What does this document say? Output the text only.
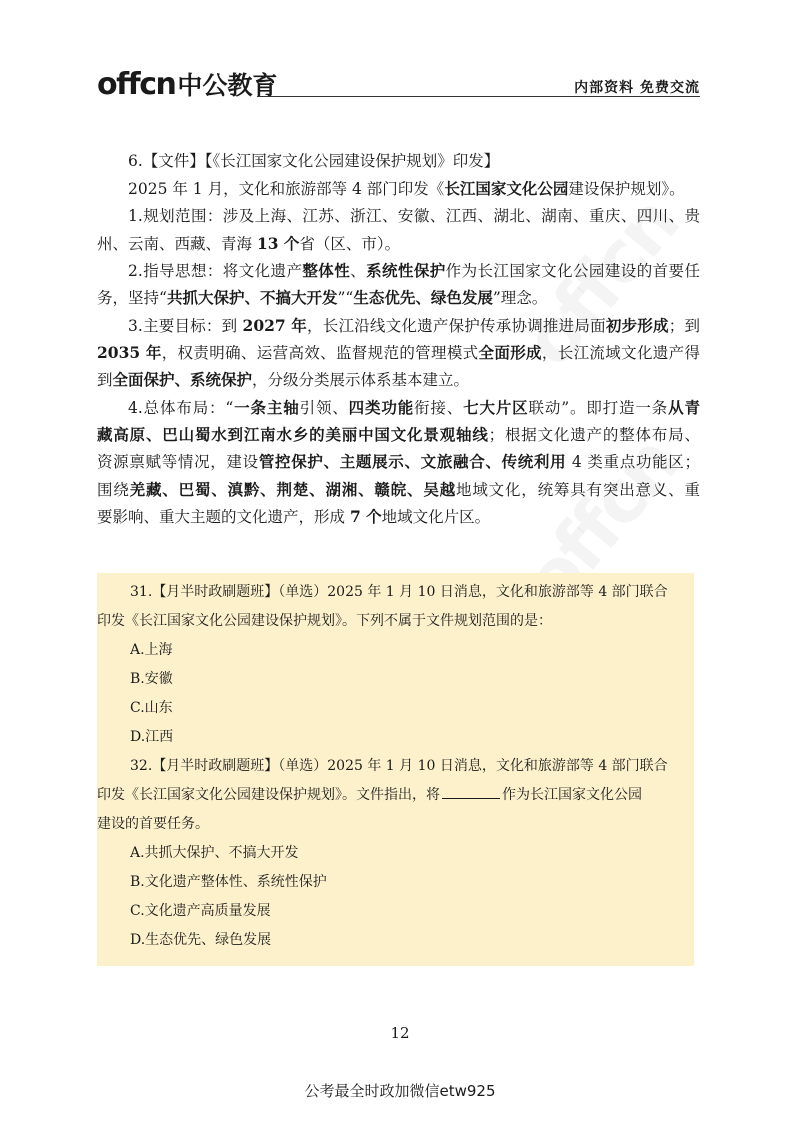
offcn 中公教育	内部资料 免费交流
6.【文件】【《长江国家文化公园建设保护规划》印发】
2025 年 1 月，文化和旅游部等 4 部门印发《长江国家文化公园建设保护规划》。
1.规划范围：涉及上海、江苏、浙江、安徽、江西、湖北、湖南、重庆、四川、贵
州、云南、西藏、青海 13 个省（区、市）。
2.指导思想：将文化遗产整体性、系统性保护作为长江国家文化公园建设的首要任
务，坚持“共抓大保护、不搞大开发”“生态优先、绿色发展”理念。
3.主要目标：到 2027 年，长江沿线文化遗产保护传承协调推进局面初步形成；到
2035 年，权责明确、运营高效、监督规范的管理模式全面形成，长江流域文化遗产得
到全面保护、系统保护，分级分类展示体系基本建立。
4.总体布局：“一条主轴引领、四类功能衔接、七大片区联动”。即打造一条从青
藏高原、巴山蜀水到江南水乡的美丽中国文化景观轴线；根据文化遗产的整体布局、
资源禀赋等情况，建设管控保护、主题展示、文旅融合、传统利用 4 类重点功能区；
围绕羌藏、巴蜀、滇黔、荆楚、湖湘、赣皖、吴越地域文化，统筹具有突出意义、重
要影响、重大主题的文化遗产，形成 7 个地域文化片区。
31.【月半时政刷题班】（单选）2025 年 1 月 10 日消息，文化和旅游部等 4 部门联合
印发《长江国家文化公园建设保护规划》。下列不属于文件规划范围的是：
A.上海
B.安徽
C.山东
D.江西
32.【月半时政刷题班】（单选）2025 年 1 月 10 日消息，文化和旅游部等 4 部门联合
印发《长江国家文化公园建设保护规划》。文件指出，将	作为长江国家文化公园
建设的首要任务。
A.共抓大保护、不搞大开发
B.文化遗产整体性、系统性保护
C.文化遗产高质量发展
D.生态优先、绿色发展
12
公考最全时政加微信etw925
